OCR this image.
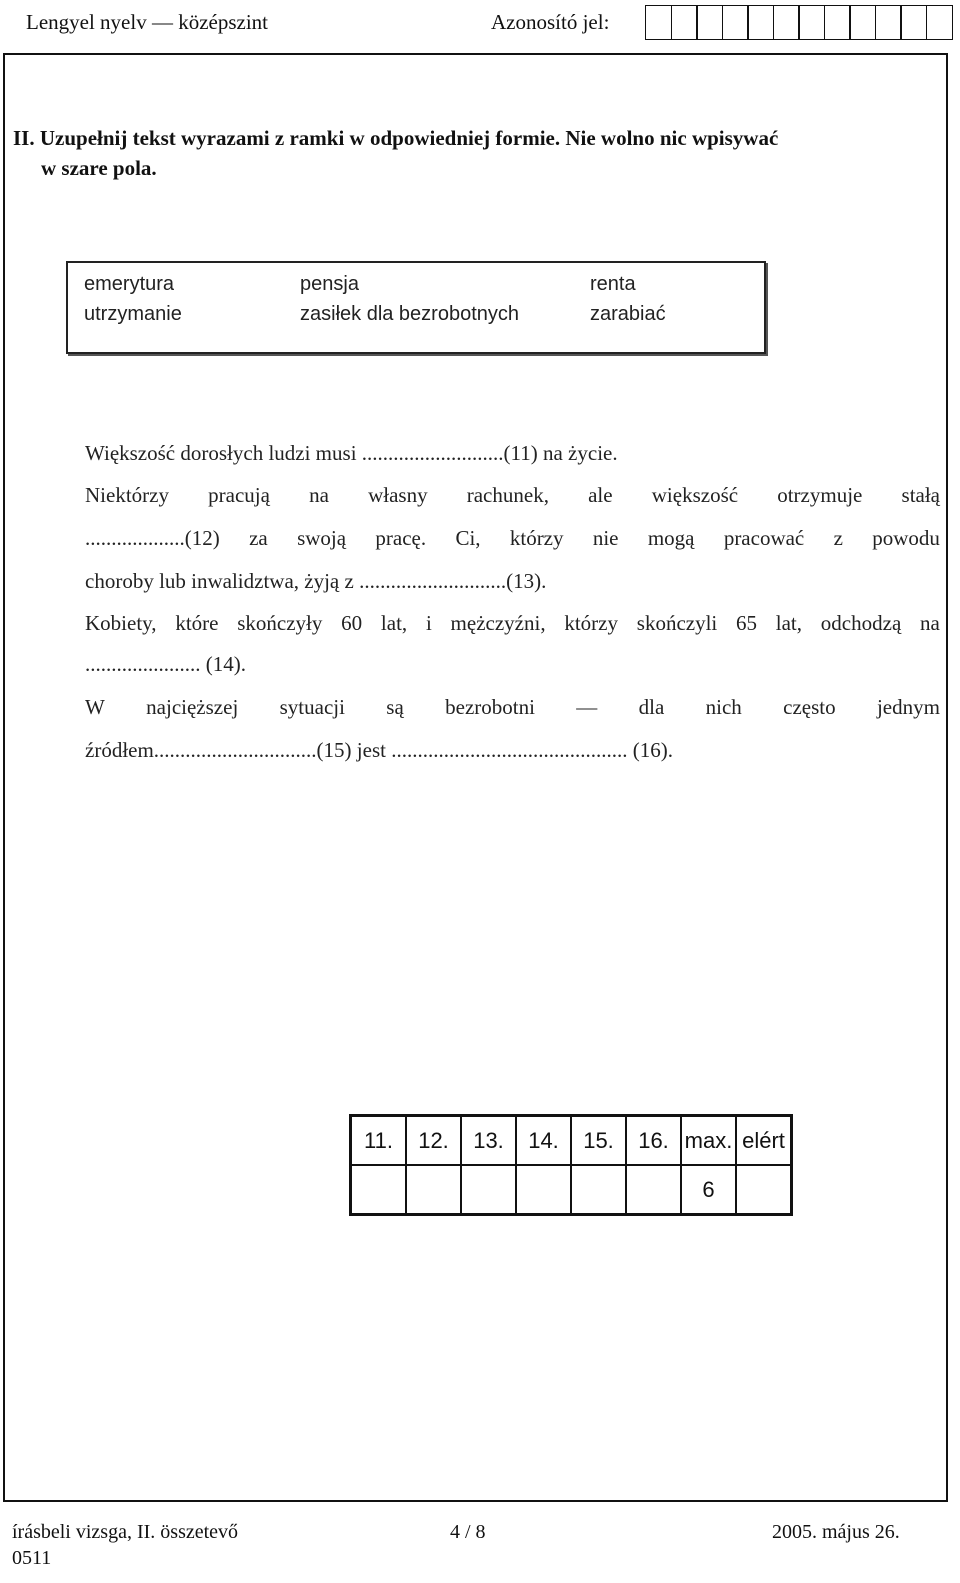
Lengyel nyelv — középszint	Azonosító jel:
II. Uzupełnij tekst wyrazami z ramki w odpowiedniej formie. Nie wolno nic wpisywać
w szare pola.
emerytura	pensja	renta
utrzymanie	zasiłek dla bezrobotnych	zarabiać
Większość dorosłych ludzi musi ...........................(11) na życie.
Niektórzy pracują na własny rachunek, ale większość otrzymuje stałą
...................(12) za swoją pracę. Ci, którzy nie mogą pracować z powodu
choroby lub inwalidztwa, żyją z ............................(13).
Kobiety, które skończyły 60 lat, i mężczyźni, którzy skończyli 65 lat, odchodzą na
...................... (14).
W najcięższej sytuacji są bezrobotni — dla nich często jednym
źródłem...............................(15) jest ............................................. (16).
11.	12.	13.	14.	15.	16.	max.	elért
						6	
írásbeli vizsga, II. összetevő	4 / 8	2005. május 26.
0511
